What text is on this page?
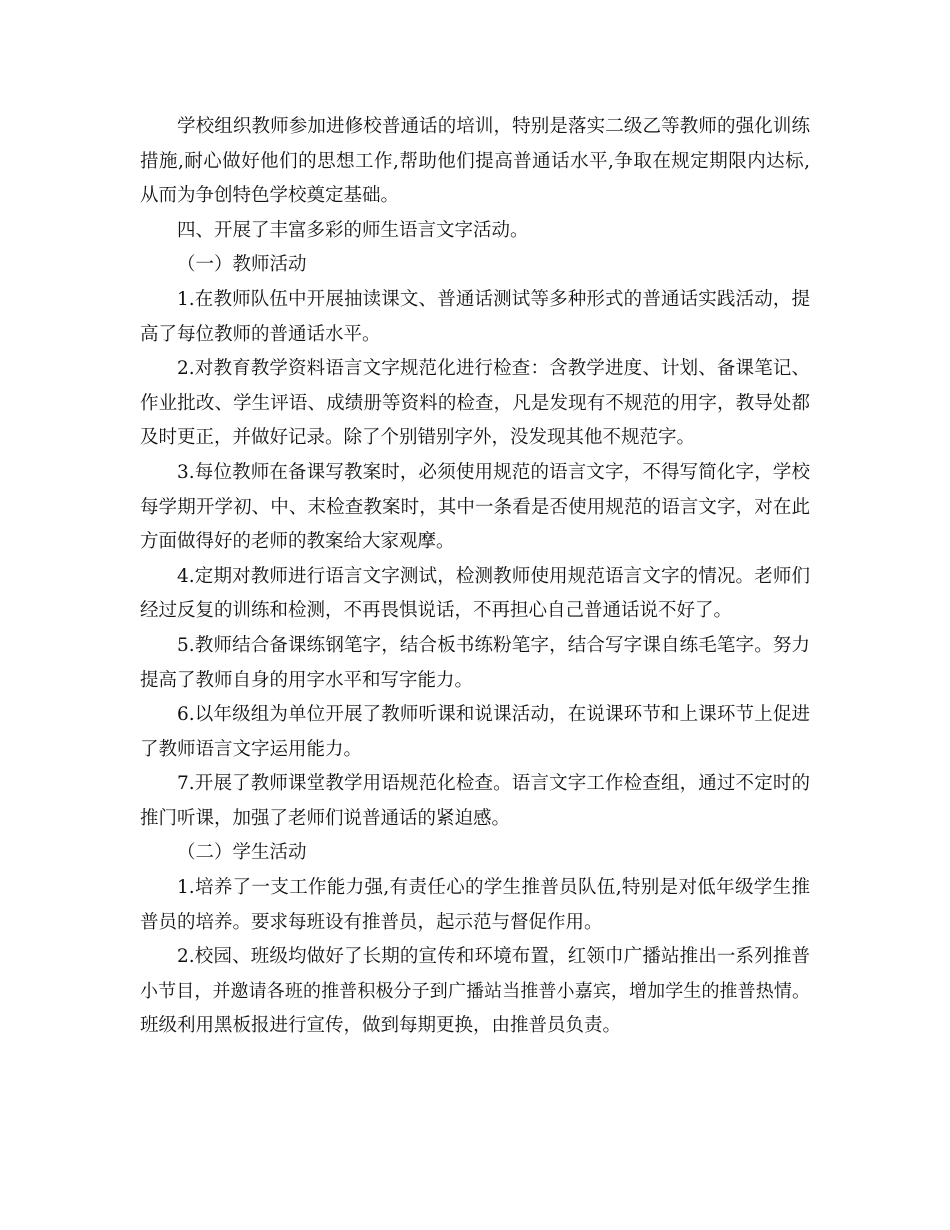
学校组织教师参加进修校普通话的培训，特别是落实二级乙等教师的强化训练
措施,耐心做好他们的思想工作,帮助他们提高普通话水平,争取在规定期限内达标,
从而为争创特色学校奠定基础。
四、开展了丰富多彩的师生语言文字活动。
（一）教师活动
1.在教师队伍中开展抽读课文、普通话测试等多种形式的普通话实践活动，提
高了每位教师的普通话水平。
2.对教育教学资料语言文字规范化进行检查：含教学进度、计划、备课笔记、
作业批改、学生评语、成绩册等资料的检查，凡是发现有不规范的用字，教导处都
及时更正，并做好记录。除了个别错别字外，没发现其他不规范字。
3.每位教师在备课写教案时，必须使用规范的语言文字，不得写简化字，学校
每学期开学初、中、末检查教案时，其中一条看是否使用规范的语言文字，对在此
方面做得好的老师的教案给大家观摩。
4.定期对教师进行语言文字测试，检测教师使用规范语言文字的情况。老师们
经过反复的训练和检测，不再畏惧说话，不再担心自己普通话说不好了。
5.教师结合备课练钢笔字，结合板书练粉笔字，结合写字课自练毛笔字。努力
提高了教师自身的用字水平和写字能力。
6.以年级组为单位开展了教师听课和说课活动，在说课环节和上课环节上促进
了教师语言文字运用能力。
7.开展了教师课堂教学用语规范化检查。语言文字工作检查组，通过不定时的
推门听课，加强了老师们说普通话的紧迫感。
（二）学生活动
1.培养了一支工作能力强,有责任心的学生推普员队伍,特别是对低年级学生推
普员的培养。要求每班设有推普员，起示范与督促作用。
2.校园、班级均做好了长期的宣传和环境布置，红领巾广播站推出一系列推普
小节目，并邀请各班的推普积极分子到广播站当推普小嘉宾，增加学生的推普热情。
班级利用黑板报进行宣传，做到每期更换，由推普员负责。
